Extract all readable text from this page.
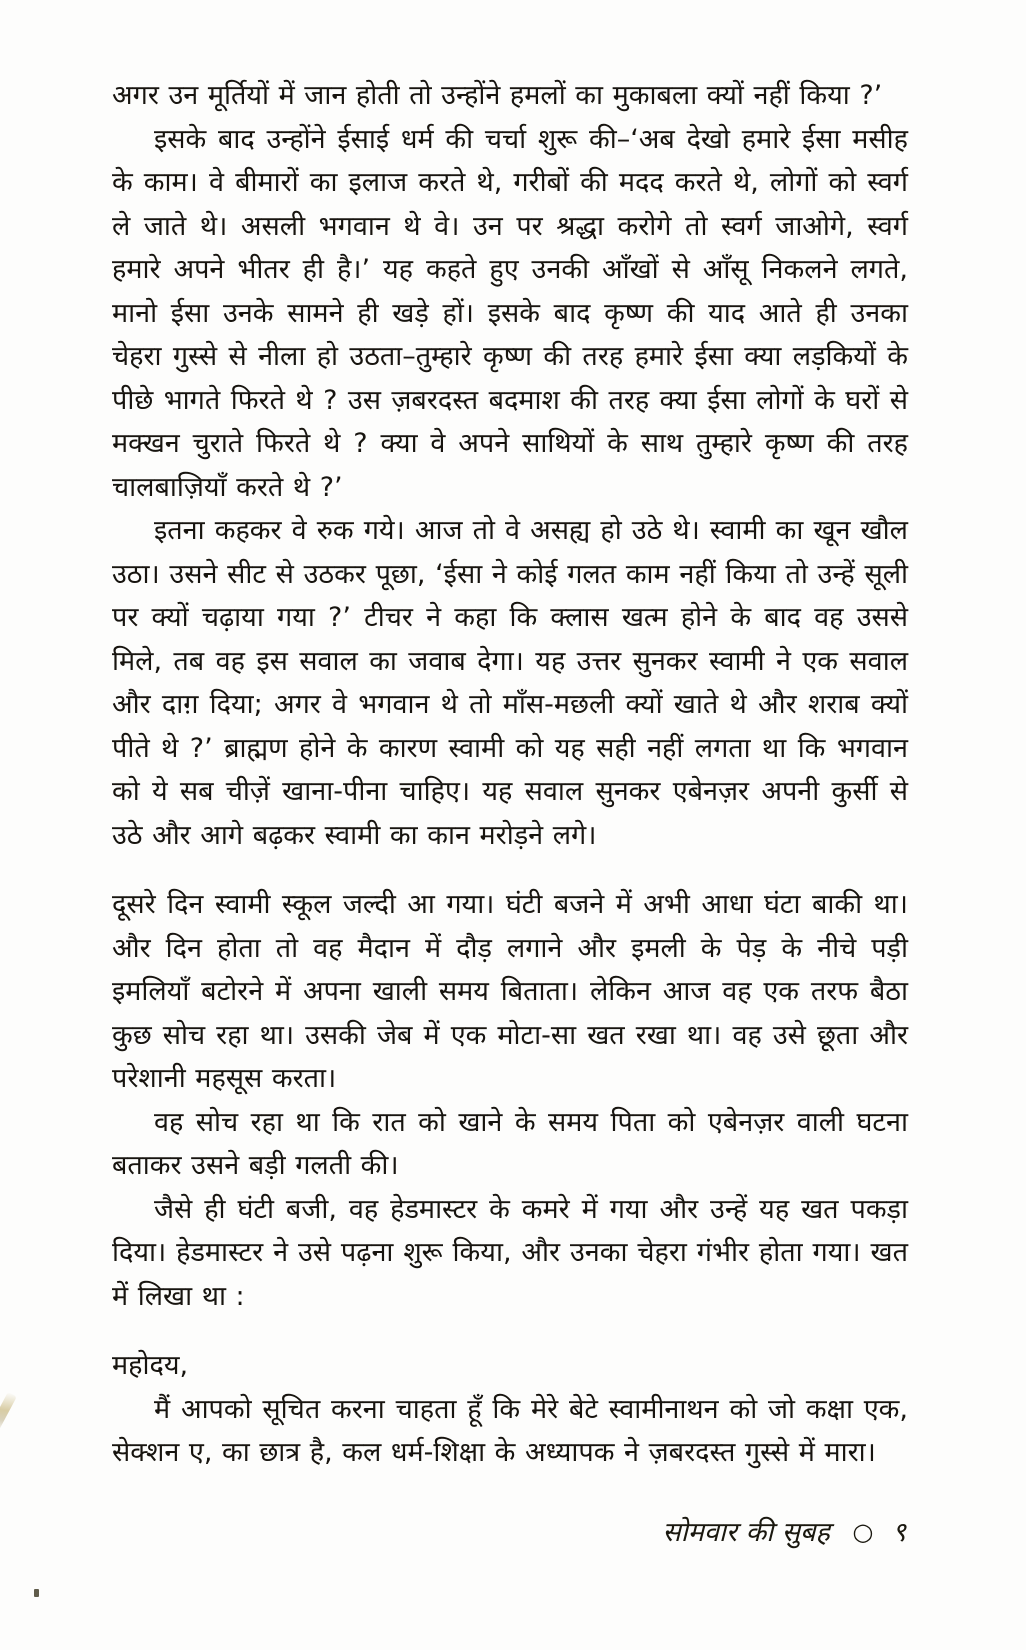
अगर उन मूर्तियों में जान होती तो उन्होंने हमलों का मुकाबला क्यों नहीं किया ?’

इसके बाद उन्होंने ईसाई धर्म की चर्चा शुरू की–‘अब देखो हमारे ईसा मसीह के काम। वे बीमारों का इलाज करते थे, गरीबों की मदद करते थे, लोगों को स्वर्ग ले जाते थे। असली भगवान थे वे। उन पर श्रद्धा करोगे तो स्वर्ग जाओगे, स्वर्ग हमारे अपने भीतर ही है।’ यह कहते हुए उनकी आँखों से आँसू निकलने लगते, मानो ईसा उनके सामने ही खड़े हों। इसके बाद कृष्ण की याद आते ही उनका चेहरा गुस्से से नीला हो उठता–तुम्हारे कृष्ण की तरह हमारे ईसा क्या लड़कियों के पीछे भागते फिरते थे ? उस ज़बरदस्त बदमाश की तरह क्या ईसा लोगों के घरों से मक्खन चुराते फिरते थे ? क्या वे अपने साथियों के साथ तुम्हारे कृष्ण की तरह चालबाज़ियाँ करते थे ?’

इतना कहकर वे रुक गये। आज तो वे असह्य हो उठे थे। स्वामी का खून खौल उठा। उसने सीट से उठकर पूछा, ‘ईसा ने कोई गलत काम नहीं किया तो उन्हें सूली पर क्यों चढ़ाया गया ?’ टीचर ने कहा कि क्लास खत्म होने के बाद वह उससे मिले, तब वह इस सवाल का जवाब देगा। यह उत्तर सुनकर स्वामी ने एक सवाल और दाग़ दिया; अगर वे भगवान थे तो माँस-मछली क्यों खाते थे और शराब क्यों पीते थे ?’ ब्राह्मण होने के कारण स्वामी को यह सही नहीं लगता था कि भगवान को ये सब चीज़ें खाना-पीना चाहिए। यह सवाल सुनकर एबेनज़र अपनी कुर्सी से उठे और आगे बढ़कर स्वामी का कान मरोड़ने लगे।

दूसरे दिन स्वामी स्कूल जल्दी आ गया। घंटी बजने में अभी आधा घंटा बाकी था। और दिन होता तो वह मैदान में दौड़ लगाने और इमली के पेड़ के नीचे पड़ी इमलियाँ बटोरने में अपना खाली समय बिताता। लेकिन आज वह एक तरफ बैठा कुछ सोच रहा था। उसकी जेब में एक मोटा-सा खत रखा था। वह उसे छूता और परेशानी महसूस करता।

वह सोच रहा था कि रात को खाने के समय पिता को एबेनज़र वाली घटना बताकर उसने बड़ी गलती की।

जैसे ही घंटी बजी, वह हेडमास्टर के कमरे में गया और उन्हें यह खत पकड़ा दिया। हेडमास्टर ने उसे पढ़ना शुरू किया, और उनका चेहरा गंभीर होता गया। खत में लिखा था :

महोदय,

मैं आपको सूचित करना चाहता हूँ कि मेरे बेटे स्वामीनाथन को जो कक्षा एक, सेक्शन ए, का छात्र है, कल धर्म-शिक्षा के अध्यापक ने ज़बरदस्त गुस्से में मारा।

सोमवार की सुबह ○ ९
